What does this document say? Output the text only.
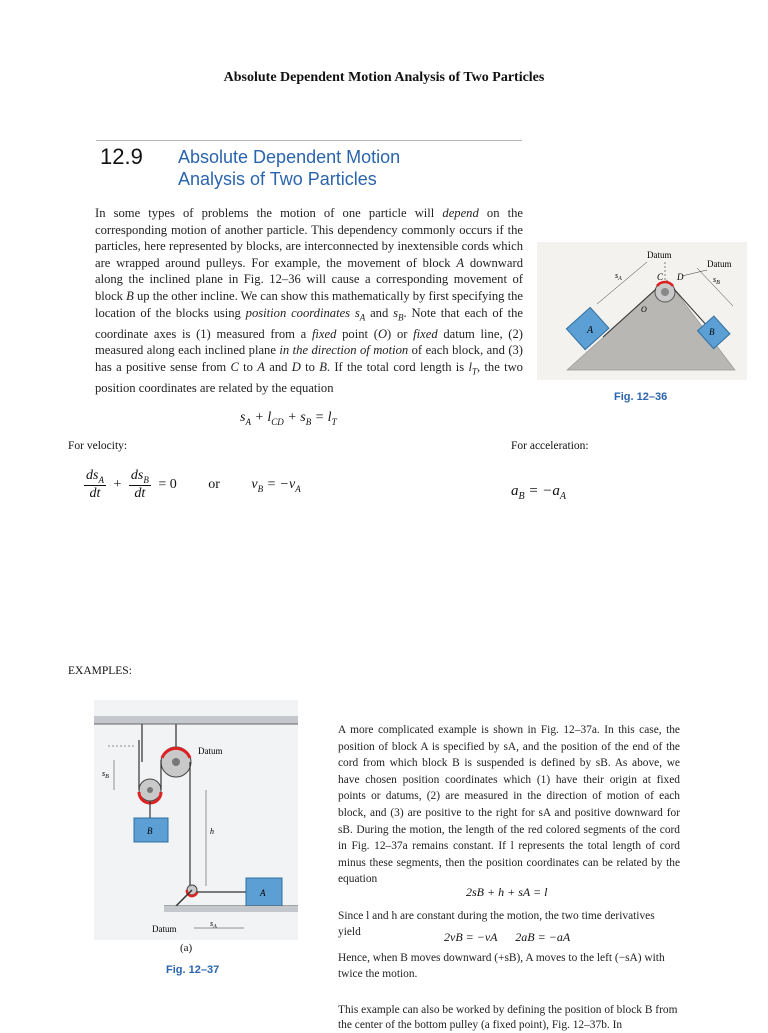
Absolute Dependent Motion Analysis of Two Particles
12.9 Absolute Dependent Motion
Analysis of Two Particles
In some types of problems the motion of one particle will depend on the corresponding motion of another particle. This dependency commonly occurs if the particles, here represented by blocks, are interconnected by inextensible cords which are wrapped around pulleys. For example, the movement of block A downward along the inclined plane in Fig. 12–36 will cause a corresponding movement of block B up the other incline. We can show this mathematically by first specifying the location of the blocks using position coordinates $s_A$ and $s_B$. Note that each of the coordinate axes is (1) measured from a fixed point (O) or fixed datum line, (2) measured along each inclined plane in the direction of motion of each block, and (3) has a positive sense from C to A and D to B. If the total cord length is $l_T$, the two position coordinates are related by the equation
$s_A + l_{CD} + s_B = l_T$
A	B
Datum
Datum
$s_A$	$s_B$
C D
O
Fig. 12–36
For velocity:	For acceleration:
$\frac{ds_A}{dt} + \frac{ds_B}{dt} = 0$ or $v_B = -v_A$	$a_B = -a_A$
EXAMPLES:
B
A
$s_B$
Datum
h
Datum
$s_A$
(a)
Fig. 12–37
A more complicated example is shown in Fig. 12–37a. In this case, the position of block A is specified by sA, and the position of the end of the cord from which block B is suspended is defined by sB. As above, we have chosen position coordinates which (1) have their origin at fixed points or datums, (2) are measured in the direction of motion of each block, and (3) are positive to the right for sA and positive downward for sB. During the motion, the length of the red colored segments of the cord in Fig. 12–37a remains constant. If l represents the total length of cord minus these segments, then the position coordinates can be related by the equation
2sB + h + sA = l
Since l and h are constant during the motion, the two time derivatives yield	2vB = −vA      2aB = −aA
Hence, when B moves downward (+sB), A moves to the left (−sA) with twice the motion.
This example can also be worked by defining the position of block B from the center of the bottom pulley (a fixed point), Fig. 12–37b. In
